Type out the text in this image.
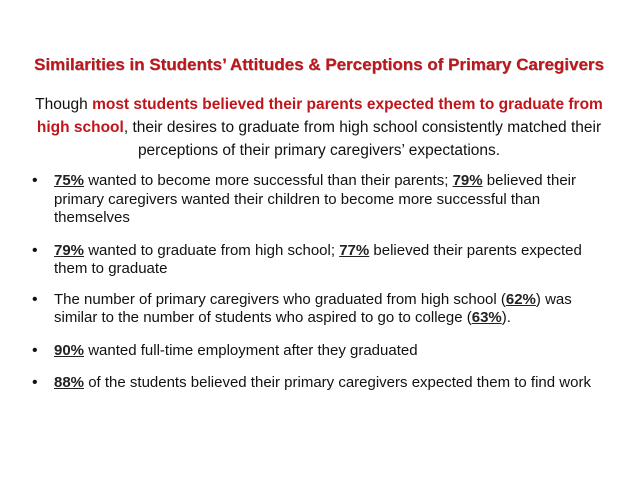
Similarities in Students’ Attitudes & Perceptions of Primary Caregivers
Though most students believed their parents expected them to graduate from high school, their desires to graduate from high school consistently matched their perceptions of their primary caregivers’ expectations.
•	75% wanted to become more successful than their parents; 79% believed their primary caregivers wanted their children to become more successful than themselves
•	79% wanted to graduate from high school; 77% believed their parents expected them to graduate
•	The number of primary caregivers who graduated from high school (62%) was similar to the number of students who aspired to go to college (63%).
•	90% wanted full-time employment after they graduated
•	88% of the students believed their primary caregivers expected them to find work
